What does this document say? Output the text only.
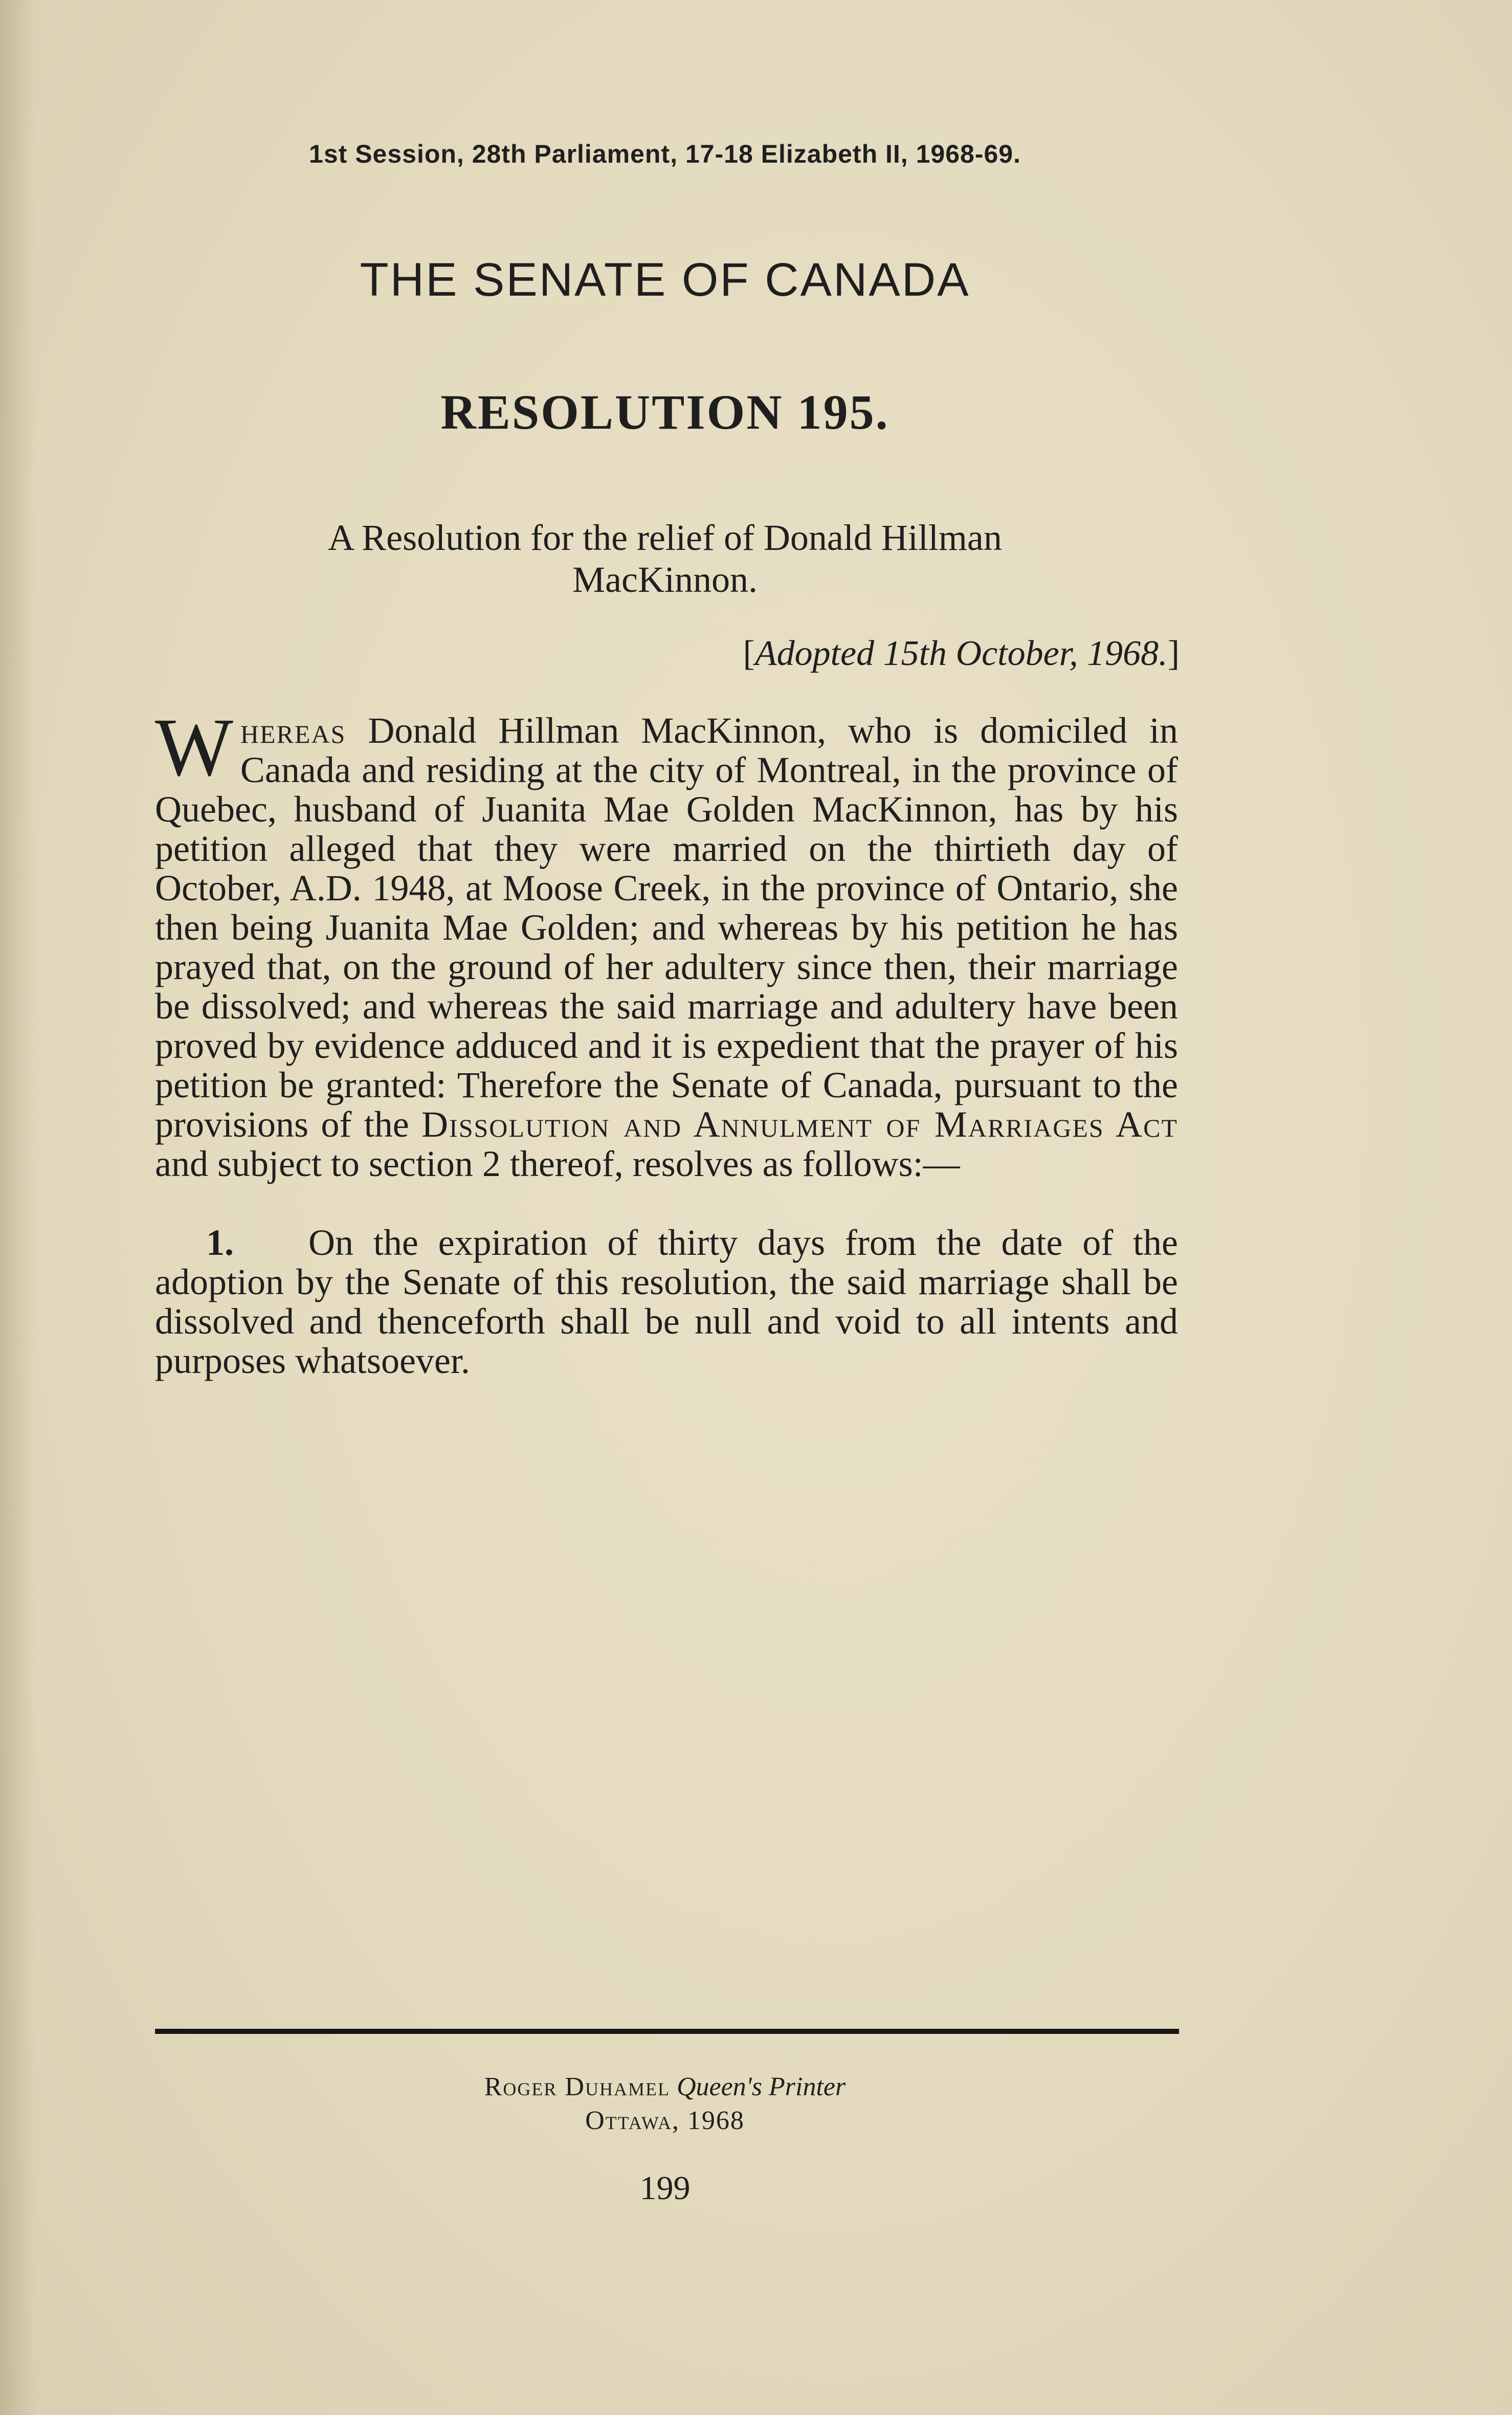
1st Session, 28th Parliament, 17-18 Elizabeth II, 1968-69.
THE SENATE OF CANADA
RESOLUTION 195.
A Resolution for the relief of Donald Hillman
MacKinnon.
[Adopted 15th October, 1968.]

Whereas Donald Hillman MacKinnon, who is domiciled in Canada and residing at the city of Montreal, in the province of Quebec, husband of Juanita Mae Golden MacKinnon, has by his petition alleged that they were married on the thirtieth day of October, A.D. 1948, at Moose Creek, in the province of Ontario, she then being Juanita Mae Golden; and whereas by his petition he has prayed that, on the ground of her adultery since then, their marriage be dissolved; and whereas the said marriage and adultery have been proved by evidence adduced and it is expedient that the prayer of his petition be granted: Therefore the Senate of Canada, pursuant to the provisions of the Dissolution and Annulment of Marriages Act and subject to section 2 thereof, resolves as follows:—

1. On the expiration of thirty days from the date of the adoption by the Senate of this resolution, the said marriage shall be dissolved and thenceforth shall be null and void to all intents and purposes whatsoever.

Roger Duhamel Queen's Printer
Ottawa, 1968
199
